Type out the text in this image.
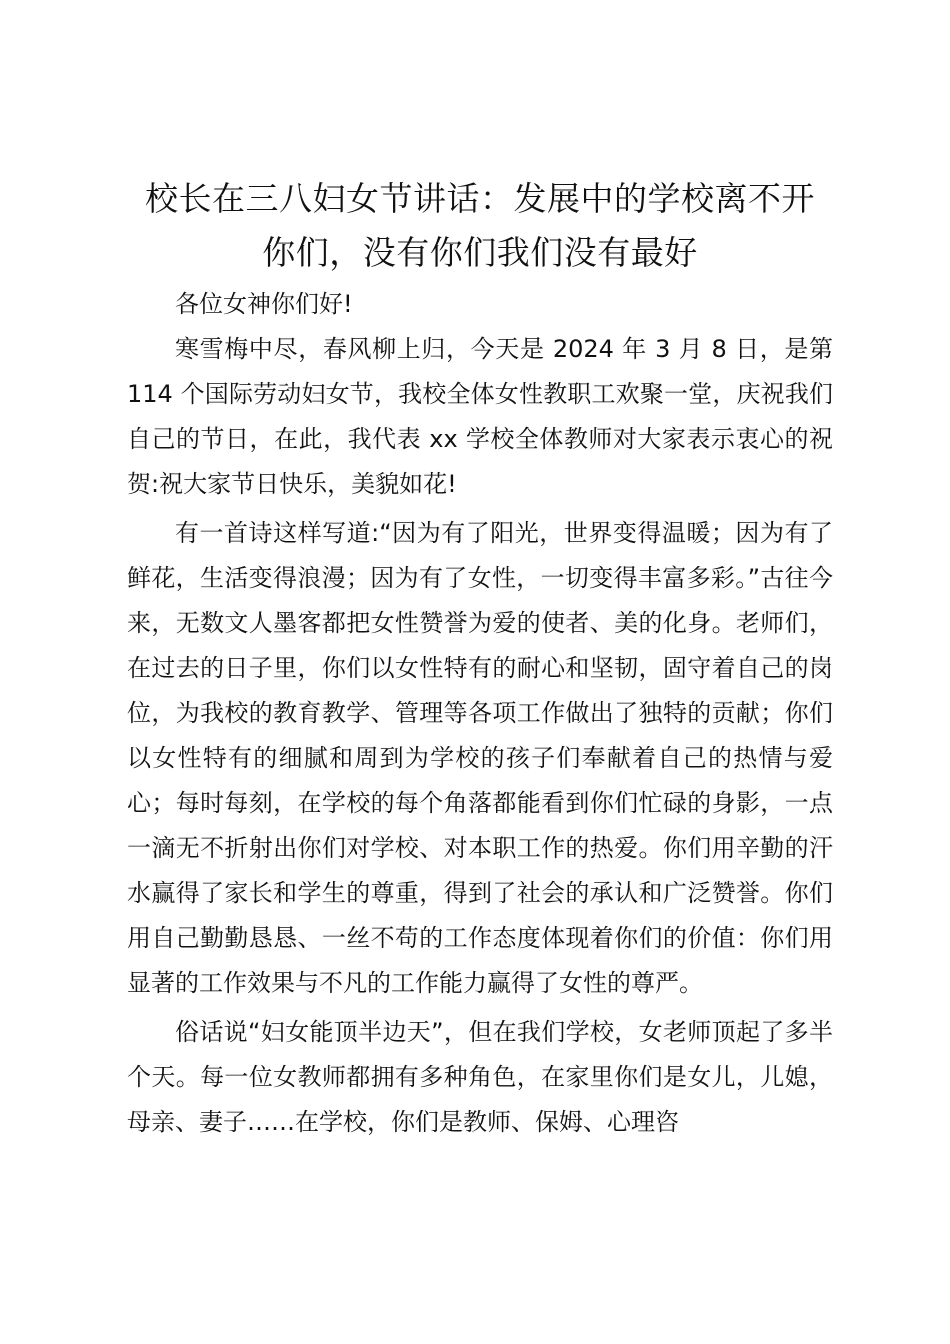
校长在三八妇女节讲话：发展中的学校离不开
你们，没有你们我们没有最好

各位女神你们好!

寒雪梅中尽，春风柳上归，今天是 2024 年 3 月 8 日，是第 114 个国际劳动妇女节，我校全体女性教职工欢聚一堂，庆祝我们自己的节日，在此，我代表 xx 学校全体教师对大家表示衷心的祝贺:祝大家节日快乐，美貌如花!

有一首诗这样写道:“因为有了阳光，世界变得温暖；因为有了鲜花，生活变得浪漫；因为有了女性，一切变得丰富多彩。”古往今来，无数文人墨客都把女性赞誉为爱的使者、美的化身。老师们，在过去的日子里，你们以女性特有的耐心和坚韧，固守着自己的岗位，为我校的教育教学、管理等各项工作做出了独特的贡献；你们以女性特有的细腻和周到为学校的孩子们奉献着自己的热情与爱心；每时每刻，在学校的每个角落都能看到你们忙碌的身影，一点一滴无不折射出你们对学校、对本职工作的热爱。你们用辛勤的汗水赢得了家长和学生的尊重，得到了社会的承认和广泛赞誉。你们用自己勤勤恳恳、一丝不苟的工作态度体现着你们的价值：你们用显著的工作效果与不凡的工作能力赢得了女性的尊严。

俗话说“妇女能顶半边天”，但在我们学校，女老师顶起了多半个天。每一位女教师都拥有多种角色，在家里你们是女儿，儿媳，母亲、妻子……在学校，你们是教师、保姆、心理咨
